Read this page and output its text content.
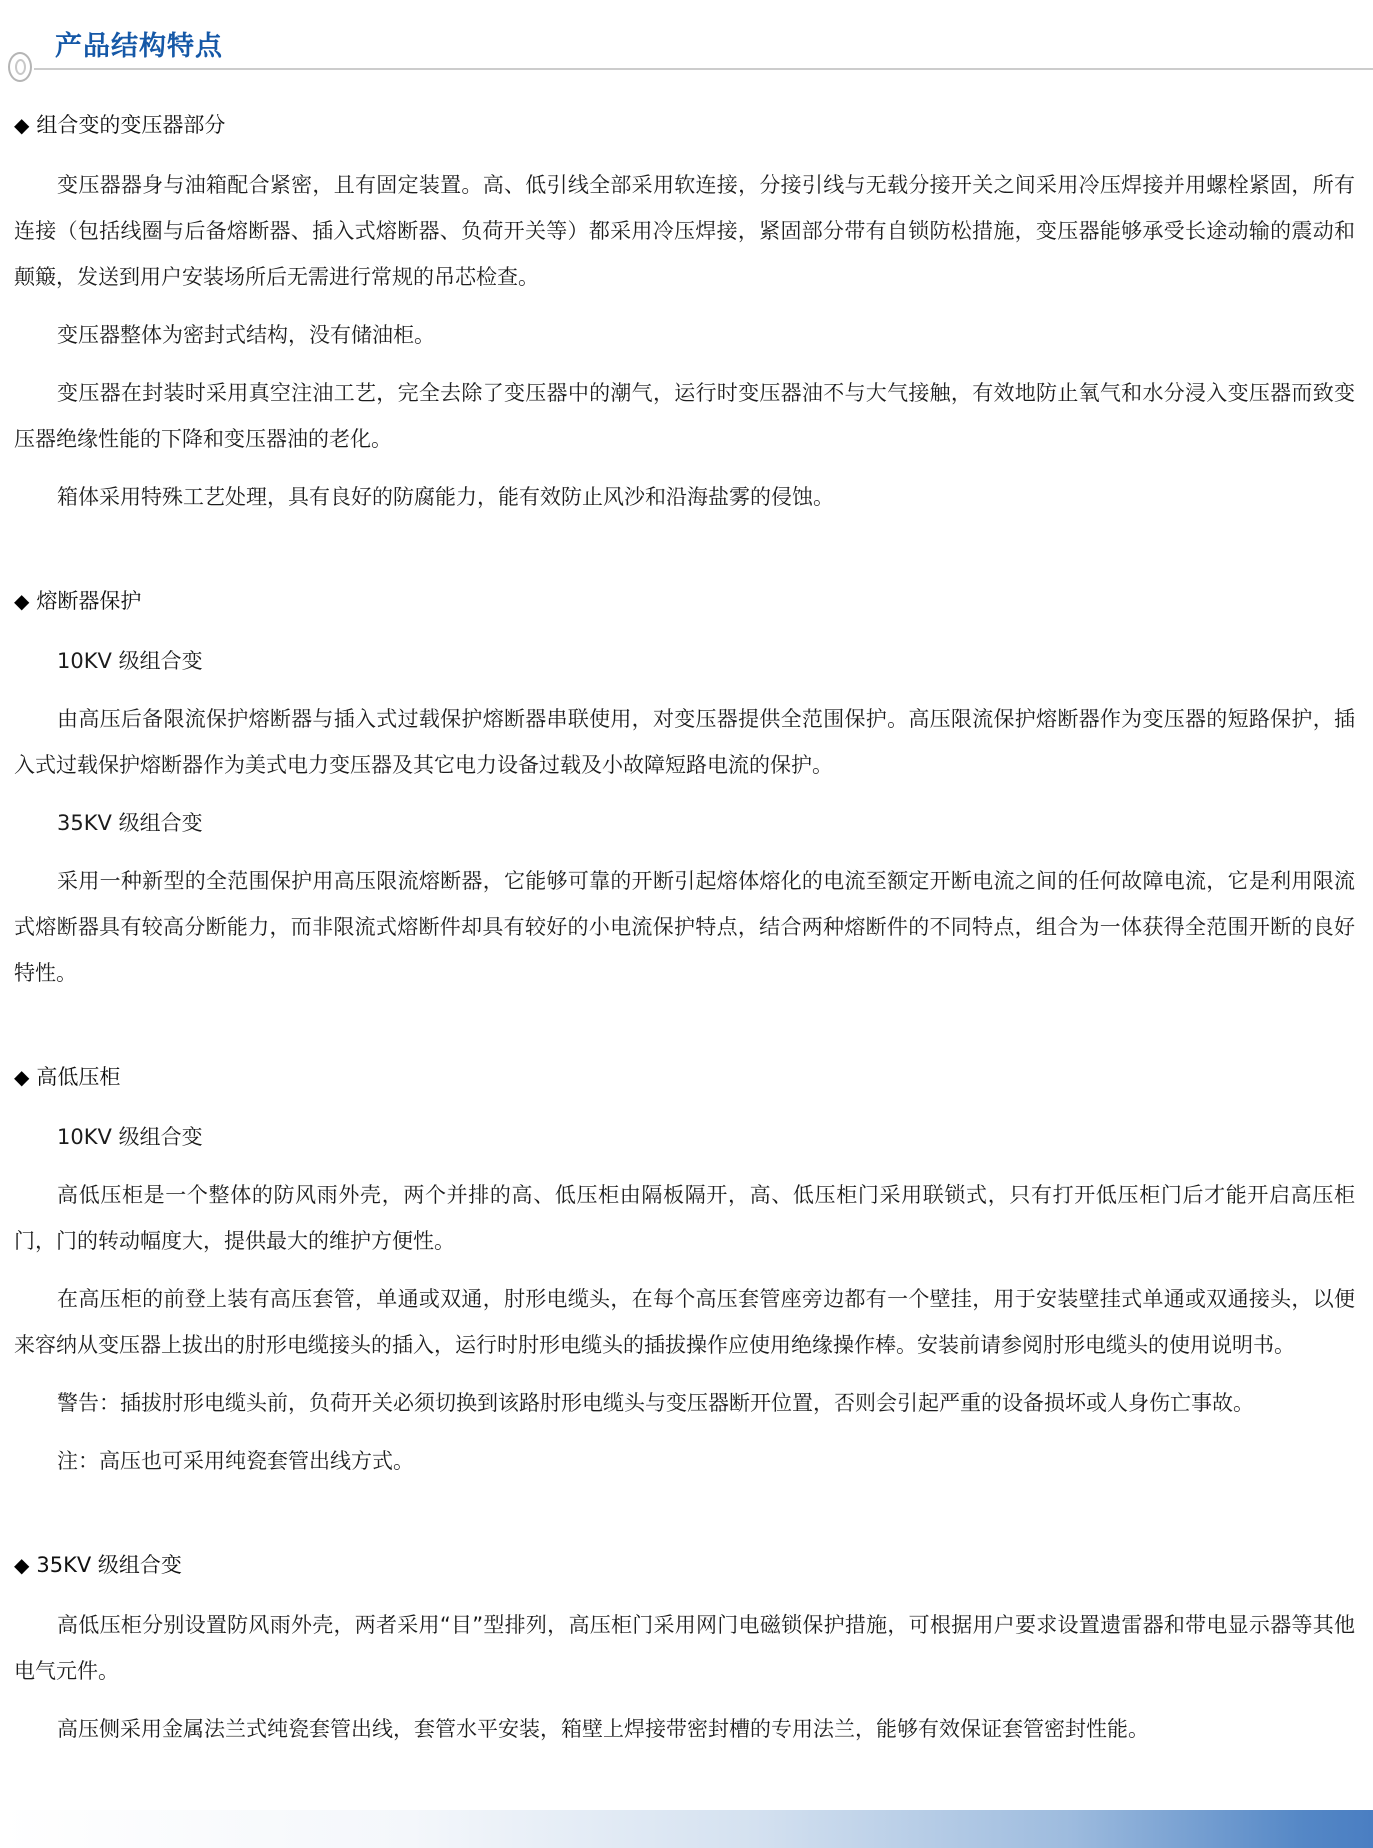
产品结构特点
◆ 组合变的变压器部分

变压器器身与油箱配合紧密，且有固定装置。高、低引线全部采用软连接，分接引线与无载分接开关之间采用冷压焊接并用螺栓紧固，所有连接（包括线圈与后备熔断器、插入式熔断器、负荷开关等）都采用冷压焊接，紧固部分带有自锁防松措施，变压器能够承受长途动输的震动和颠簸，发送到用户安装场所后无需进行常规的吊芯检查。

变压器整体为密封式结构，没有储油柜。

变压器在封装时采用真空注油工艺，完全去除了变压器中的潮气，运行时变压器油不与大气接触，有效地防止氧气和水分浸入变压器而致变压器绝缘性能的下降和变压器油的老化。

箱体采用特殊工艺处理，具有良好的防腐能力，能有效防止风沙和沿海盐雾的侵蚀。

◆ 熔断器保护

10KV 级组合变

由高压后备限流保护熔断器与插入式过载保护熔断器串联使用，对变压器提供全范围保护。高压限流保护熔断器作为变压器的短路保护，插入式过载保护熔断器作为美式电力变压器及其它电力设备过载及小故障短路电流的保护。

35KV 级组合变

采用一种新型的全范围保护用高压限流熔断器，它能够可靠的开断引起熔体熔化的电流至额定开断电流之间的任何故障电流，它是利用限流式熔断器具有较高分断能力，而非限流式熔断件却具有较好的小电流保护特点，结合两种熔断件的不同特点，组合为一体获得全范围开断的良好特性。

◆ 高低压柜

10KV 级组合变

高低压柜是一个整体的防风雨外壳，两个并排的高、低压柜由隔板隔开，高、低压柜门采用联锁式，只有打开低压柜门后才能开启高压柜门，门的转动幅度大，提供最大的维护方便性。

在高压柜的前登上装有高压套管，单通或双通，肘形电缆头，在每个高压套管座旁边都有一个壁挂，用于安装壁挂式单通或双通接头，以便来容纳从变压器上拔出的肘形电缆接头的插入，运行时肘形电缆头的插拔操作应使用绝缘操作棒。安装前请参阅肘形电缆头的使用说明书。

警告：插拔肘形电缆头前，负荷开关必须切换到该路肘形电缆头与变压器断开位置，否则会引起严重的设备损坏或人身伤亡事故。

注：高压也可采用纯瓷套管出线方式。

◆ 35KV 级组合变

高低压柜分别设置防风雨外壳，两者采用“目”型排列，高压柜门采用网门电磁锁保护措施，可根据用户要求设置遗雷器和带电显示器等其他电气元件。

高压侧采用金属法兰式纯瓷套管出线，套管水平安装，箱壁上焊接带密封槽的专用法兰，能够有效保证套管密封性能。
